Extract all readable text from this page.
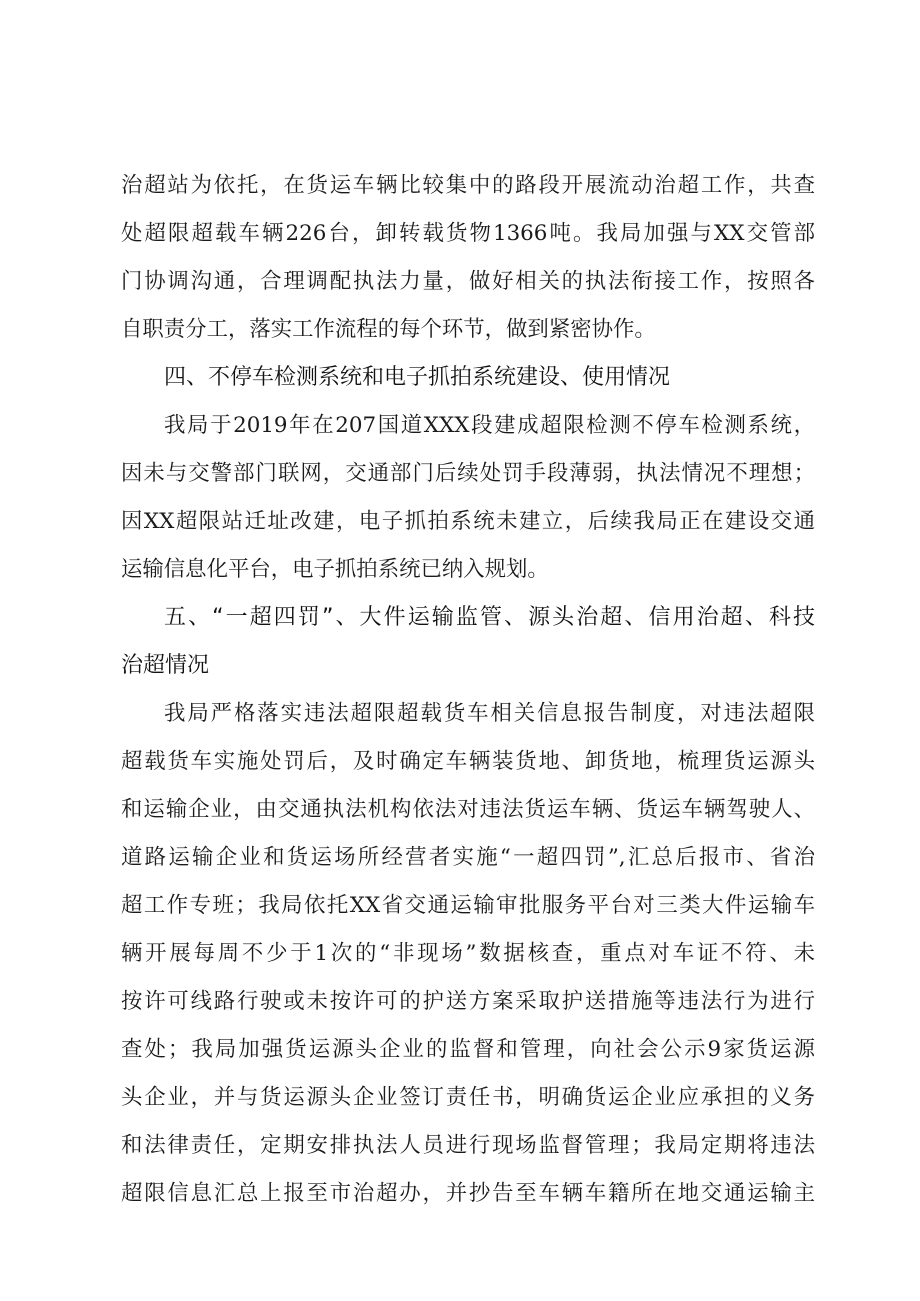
治超站为依托，在货运车辆比较集中的路段开展流动治超工作，共查
处超限超载车辆226台，卸转载货物1366吨。我局加强与XX交管部
门协调沟通，合理调配执法力量，做好相关的执法衔接工作，按照各
自职责分工，落实工作流程的每个环节，做到紧密协作。
四、不停车检测系统和电子抓拍系统建设、使用情况
我局于2019年在207国道XXX段建成超限检测不停车检测系统，
因未与交警部门联网，交通部门后续处罚手段薄弱，执法情况不理想；
因XX超限站迁址改建，电子抓拍系统未建立，后续我局正在建设交通
运输信息化平台，电子抓拍系统已纳入规划。
五、“一超四罚”、大件运输监管、源头治超、信用治超、科技
治超情况
我局严格落实违法超限超载货车相关信息报告制度，对违法超限
超载货车实施处罚后，及时确定车辆装货地、卸货地，梳理货运源头
和运输企业，由交通执法机构依法对违法货运车辆、货运车辆驾驶人、
道路运输企业和货运场所经营者实施“一超四罚”,汇总后报市、省治
超工作专班；我局依托XX省交通运输审批服务平台对三类大件运输车
辆开展每周不少于1次的“非现场”数据核查，重点对车证不符、未
按许可线路行驶或未按许可的护送方案采取护送措施等违法行为进行
查处；我局加强货运源头企业的监督和管理，向社会公示9家货运源
头企业，并与货运源头企业签订责任书，明确货运企业应承担的义务
和法律责任，定期安排执法人员进行现场监督管理；我局定期将违法
超限信息汇总上报至市治超办，并抄告至车辆车籍所在地交通运输主
